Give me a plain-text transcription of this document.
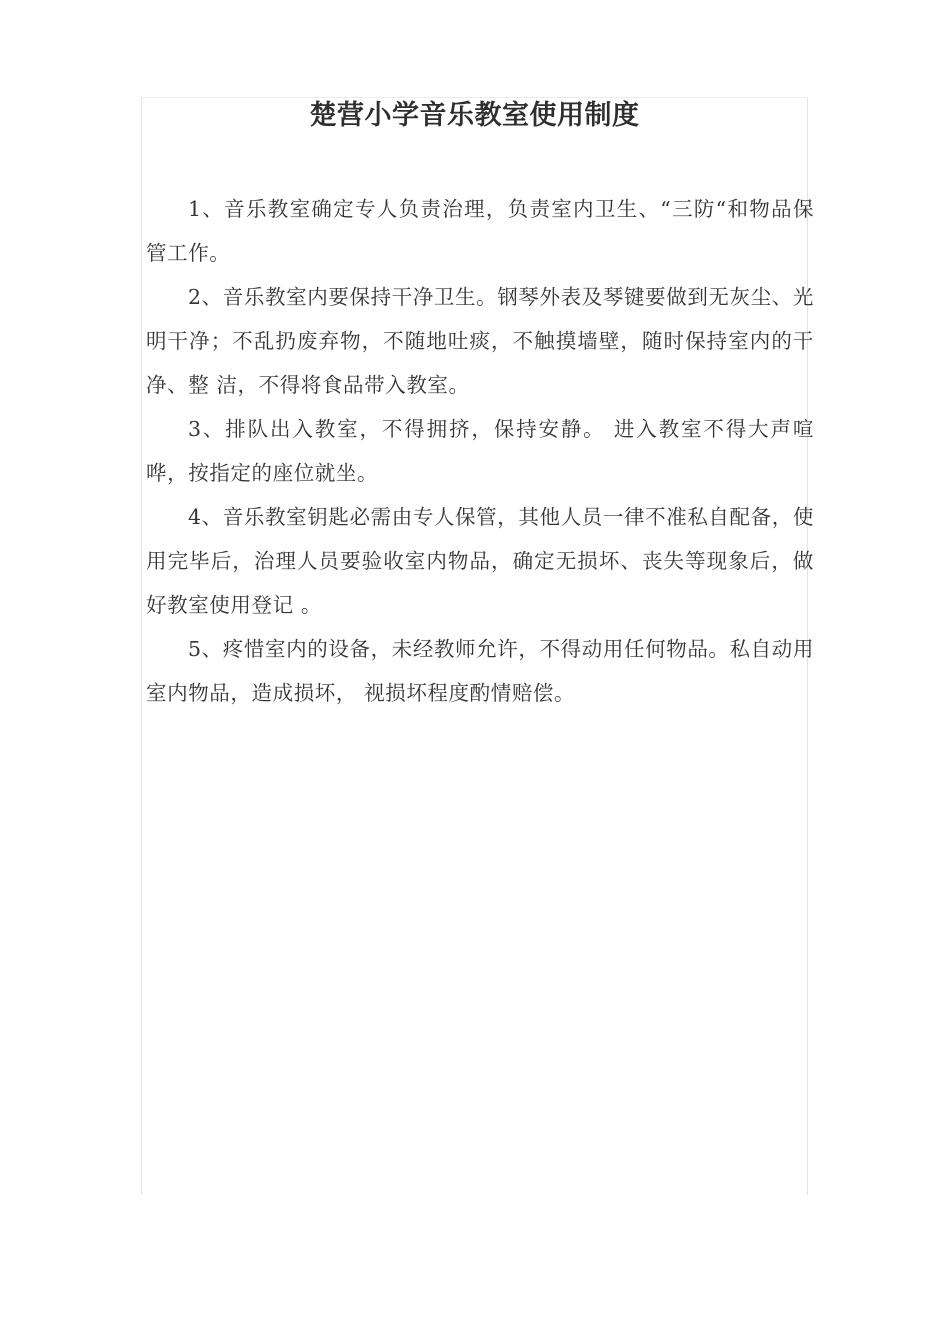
楚营小学音乐教室使用制度

1、音乐教室确定专人负责治理，负责室内卫生、“三防“和物品保管工作。

2、音乐教室内要保持干净卫生。钢琴外表及琴键要做到无灰尘、光明干净；不乱扔废弃物，不随地吐痰，不触摸墙壁，随时保持室内的干净、整 洁，不得将食品带入教室。

3、排队出入教室，不得拥挤，保持安静。 进入教室不得大声喧哗，按指定的座位就坐。

4、音乐教室钥匙必需由专人保管，其他人员一律不准私自配备，使用完毕后，治理人员要验收室内物品，确定无损坏、丧失等现象后，做好教室使用登记 。

5、疼惜室内的设备，未经教师允许，不得动用任何物品。私自动用室内物品，造成损坏， 视损坏程度酌情赔偿。
